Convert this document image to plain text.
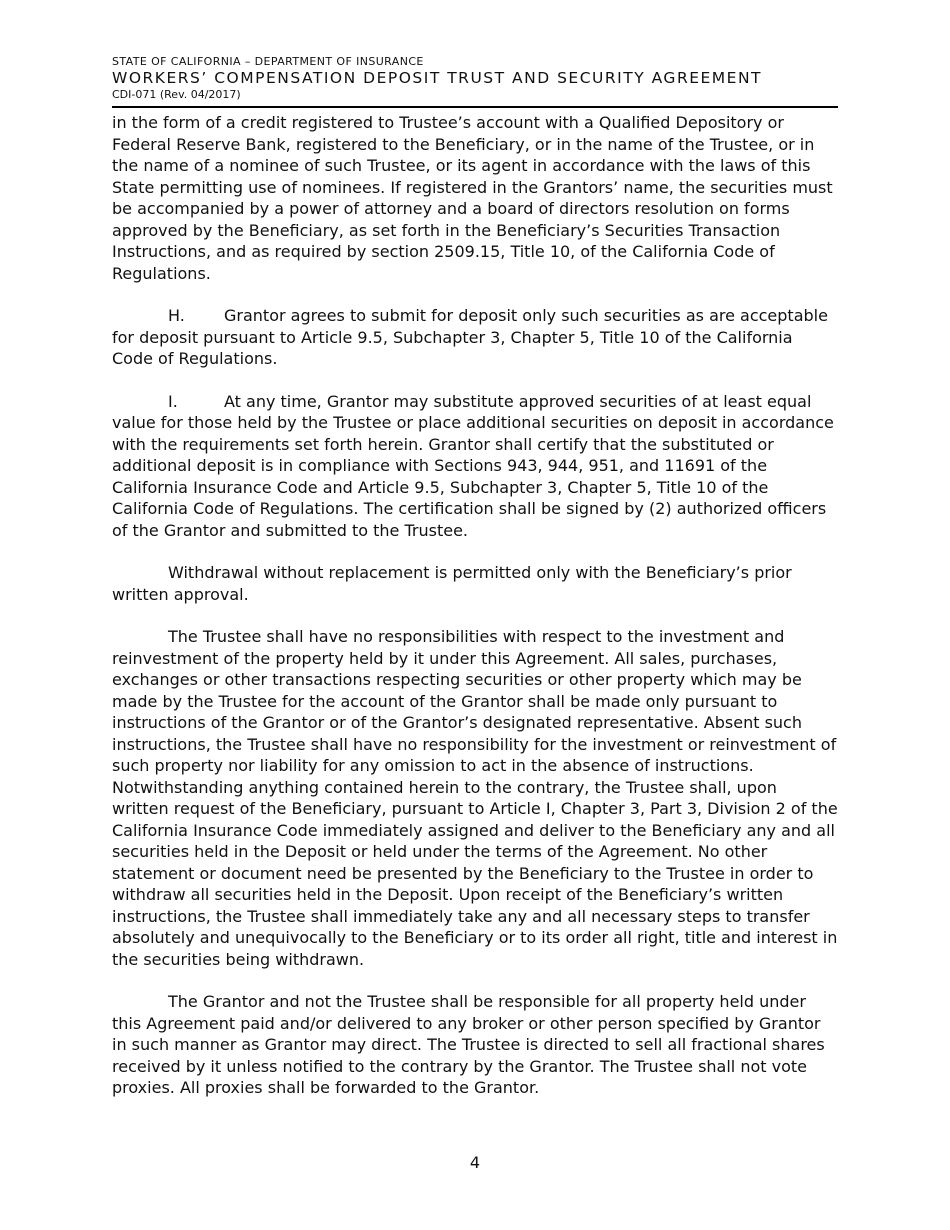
STATE OF CALIFORNIA – DEPARTMENT OF INSURANCE
WORKERS’ COMPENSATION DEPOSIT TRUST AND SECURITY AGREEMENT
CDI-071 (Rev. 04/2017)

in the form of a credit registered to Trustee’s account with a Qualified Depository or Federal Reserve Bank, registered to the Beneficiary, or in the name of the Trustee, or in the name of a nominee of such Trustee, or its agent in accordance with the laws of this State permitting use of nominees. If registered in the Grantors’ name, the securities must be accompanied by a power of attorney and a board of directors resolution on forms approved by the Beneficiary, as set forth in the Beneficiary’s Securities Transaction Instructions, and as required by section 2509.15, Title 10, of the California Code of Regulations.

H. Grantor agrees to submit for deposit only such securities as are acceptable for deposit pursuant to Article 9.5, Subchapter 3, Chapter 5, Title 10 of the California Code of Regulations.

I.	At any time, Grantor may substitute approved securities of at least equal value for those held by the Trustee or place additional securities on deposit in accordance with the requirements set forth herein. Grantor shall certify that the substituted or additional deposit is in compliance with Sections 943, 944, 951, and 11691 of the California Insurance Code and Article 9.5, Subchapter 3, Chapter 5, Title 10 of the California Code of Regulations. The certification shall be signed by (2) authorized officers of the Grantor and submitted to the Trustee.

Withdrawal without replacement is permitted only with the Beneficiary’s prior written approval.

The Trustee shall have no responsibilities with respect to the investment and reinvestment of the property held by it under this Agreement. All sales, purchases, exchanges or other transactions respecting securities or other property which may be made by the Trustee for the account of the Grantor shall be made only pursuant to instructions of the Grantor or of the Grantor’s designated representative. Absent such instructions, the Trustee shall have no responsibility for the investment or reinvestment of such property nor liability for any omission to act in the absence of instructions. Notwithstanding anything contained herein to the contrary, the Trustee shall, upon written request of the Beneficiary, pursuant to Article I, Chapter 3, Part 3, Division 2 of the California Insurance Code immediately assigned and deliver to the Beneficiary any and all securities held in the Deposit or held under the terms of the Agreement. No other statement or document need be presented by the Beneficiary to the Trustee in order to withdraw all securities held in the Deposit. Upon receipt of the Beneficiary’s written instructions, the Trustee shall immediately take any and all necessary steps to transfer absolutely and unequivocally to the Beneficiary or to its order all right, title and interest in the securities being withdrawn.

The Grantor and not the Trustee shall be responsible for all property held under this Agreement paid and/or delivered to any broker or other person specified by Grantor in such manner as Grantor may direct. The Trustee is directed to sell all fractional shares received by it unless notified to the contrary by the Grantor. The Trustee shall not vote proxies. All proxies shall be forwarded to the Grantor.

4
